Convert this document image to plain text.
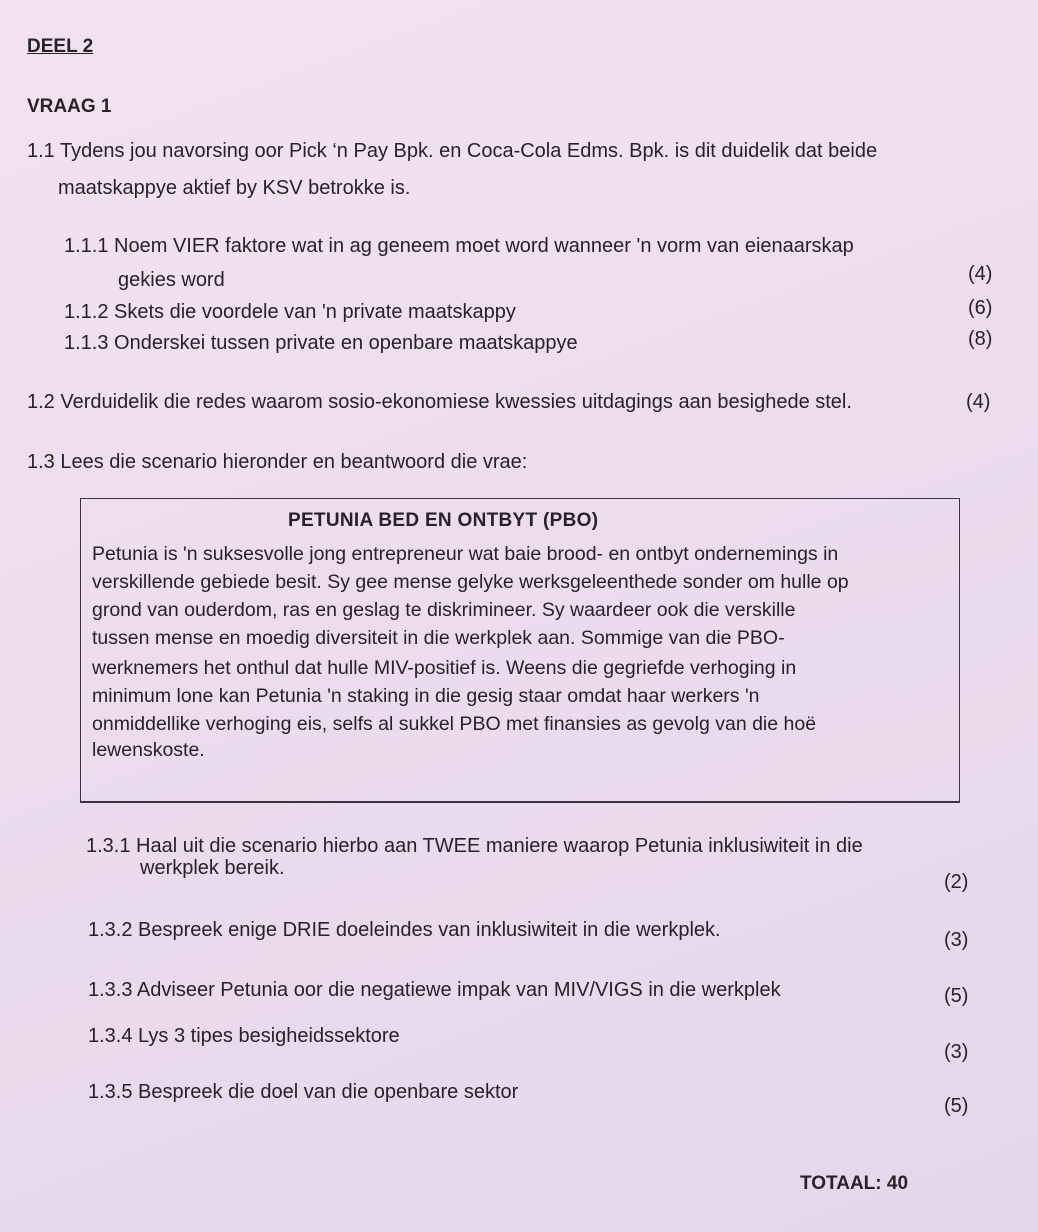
DEEL 2
VRAAG 1
1.1 Tydens jou navorsing oor Pick ‘n Pay Bpk. en Coca-Cola Edms. Bpk. is dit duidelik dat beide
maatskappye aktief by KSV betrokke is.
1.1.1 Noem VIER faktore wat in ag geneem moet word wanneer 'n vorm van eienaarskap
gekies word	(4)
1.1.2 Skets die voordele van 'n private maatskappy	(6)
1.1.3 Onderskei tussen private en openbare maatskappye	(8)
1.2 Verduidelik die redes waarom sosio-ekonomiese kwessies uitdagings aan besighede stel.	(4)
1.3 Lees die scenario hieronder en beantwoord die vrae:
PETUNIA BED EN ONTBYT (PBO)
Petunia is 'n suksesvolle jong entrepreneur wat baie brood- en ontbyt ondernemings in
verskillende gebiede besit. Sy gee mense gelyke werksgeleenthede sonder om hulle op
grond van ouderdom, ras en geslag te diskrimineer. Sy waardeer ook die verskille
tussen mense en moedig diversiteit in die werkplek aan. Sommige van die PBO-
werknemers het onthul dat hulle MIV-positief is. Weens die gegriefde verhoging in
minimum lone kan Petunia 'n staking in die gesig staar omdat haar werkers 'n
onmiddellike verhoging eis, selfs al sukkel PBO met finansies as gevolg van die hoë
lewenskoste.
1.3.1 Haal uit die scenario hierbo aan TWEE maniere waarop Petunia inklusiwiteit in die
werkplek bereik.
(2)
1.3.2 Bespreek enige DRIE doeleindes van inklusiwiteit in die werkplek.	(3)
1.3.3 Adviseer Petunia oor die negatiewe impak van MIV/VIGS in die werkplek	(5)
1.3.4 Lys 3 tipes besigheidssektore
(3)
1.3.5 Bespreek die doel van die openbare sektor
(5)
TOTAAL: 40
